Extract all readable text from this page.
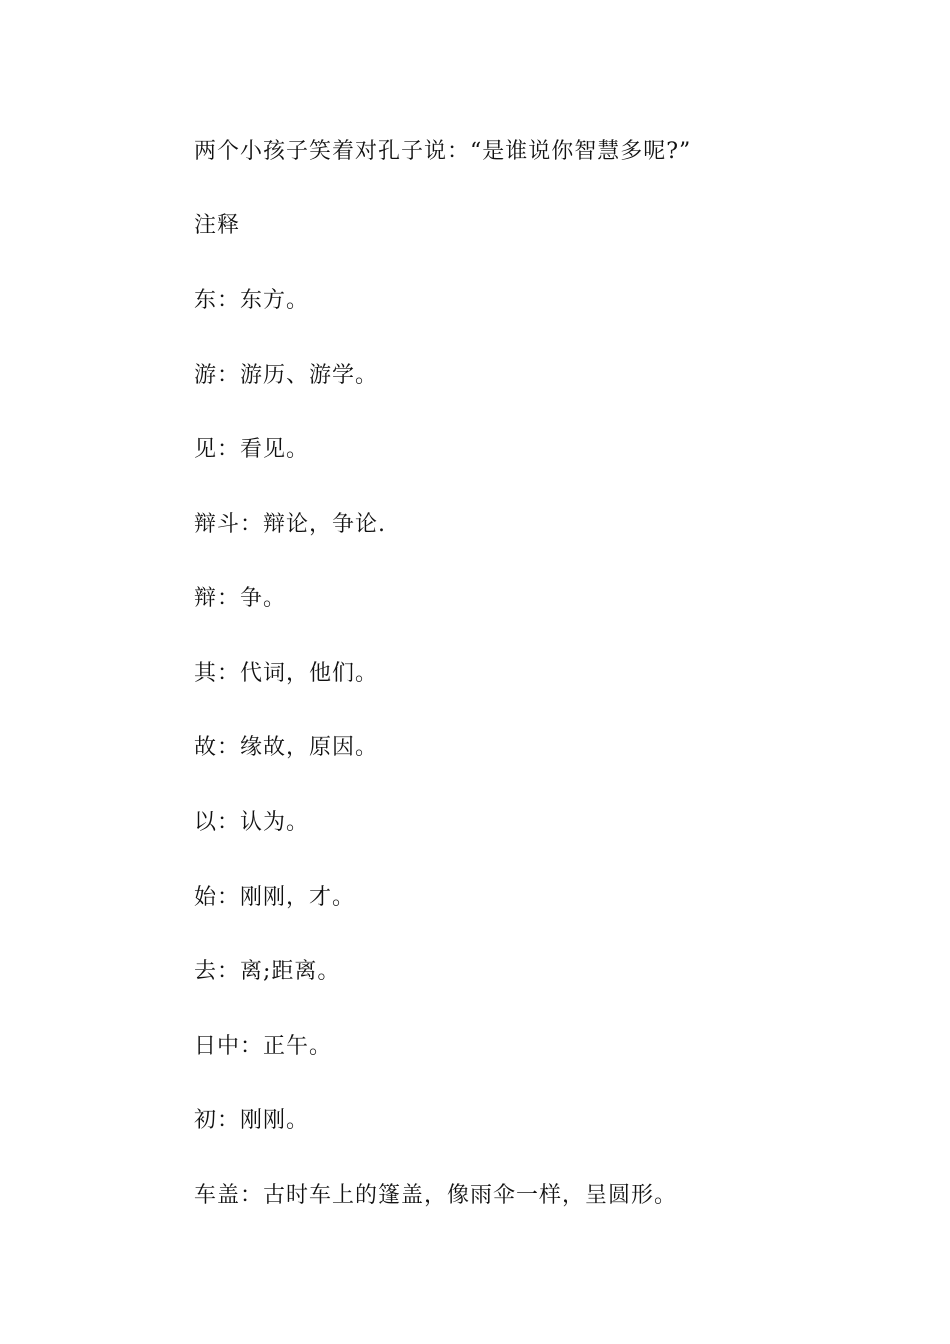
两个小孩子笑着对孔子说：“是谁说你智慧多呢?”
注释
东：东方。
游：游历、游学。
见：看见。
辩斗：辩论，争论.
辩：争。
其：代词，他们。
故：缘故，原因。
以：认为。
始：刚刚，才。
去：离;距离。
日中：正午。
初：刚刚。
车盖：古时车上的篷盖，像雨伞一样，呈圆形。
